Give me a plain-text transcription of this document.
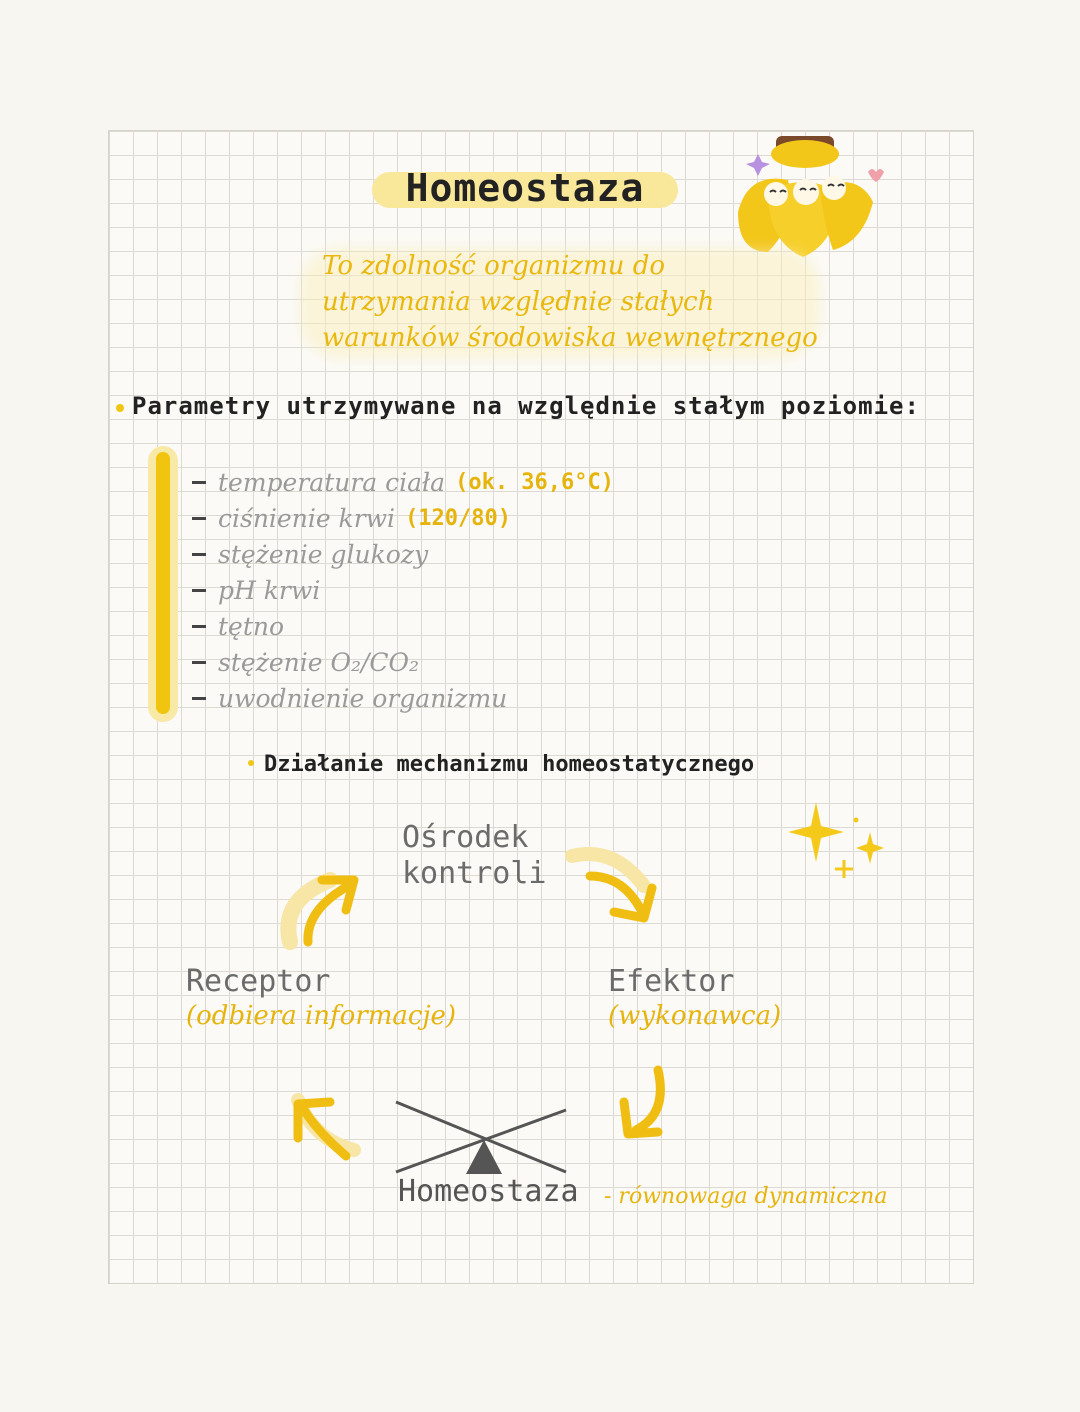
Homeostaza
To zdolność organizmu do
utrzymania względnie stałych
warunków środowiska wewnętrznego
Parametry utrzymywane na względnie stałym poziomie:
temperatura ciała (ok. 36,6°C)
ciśnienie krwi (120/80)
stężenie glukozy
pH krwi
tętno
stężenie O₂/CO₂
uwodnienie organizmu
Działanie mechanizmu homeostatycznego
Ośrodek
kontroli
Receptor
(odbiera informacje)
Efektor
(wykonawca)
Homeostaza - równowaga dynamiczna
